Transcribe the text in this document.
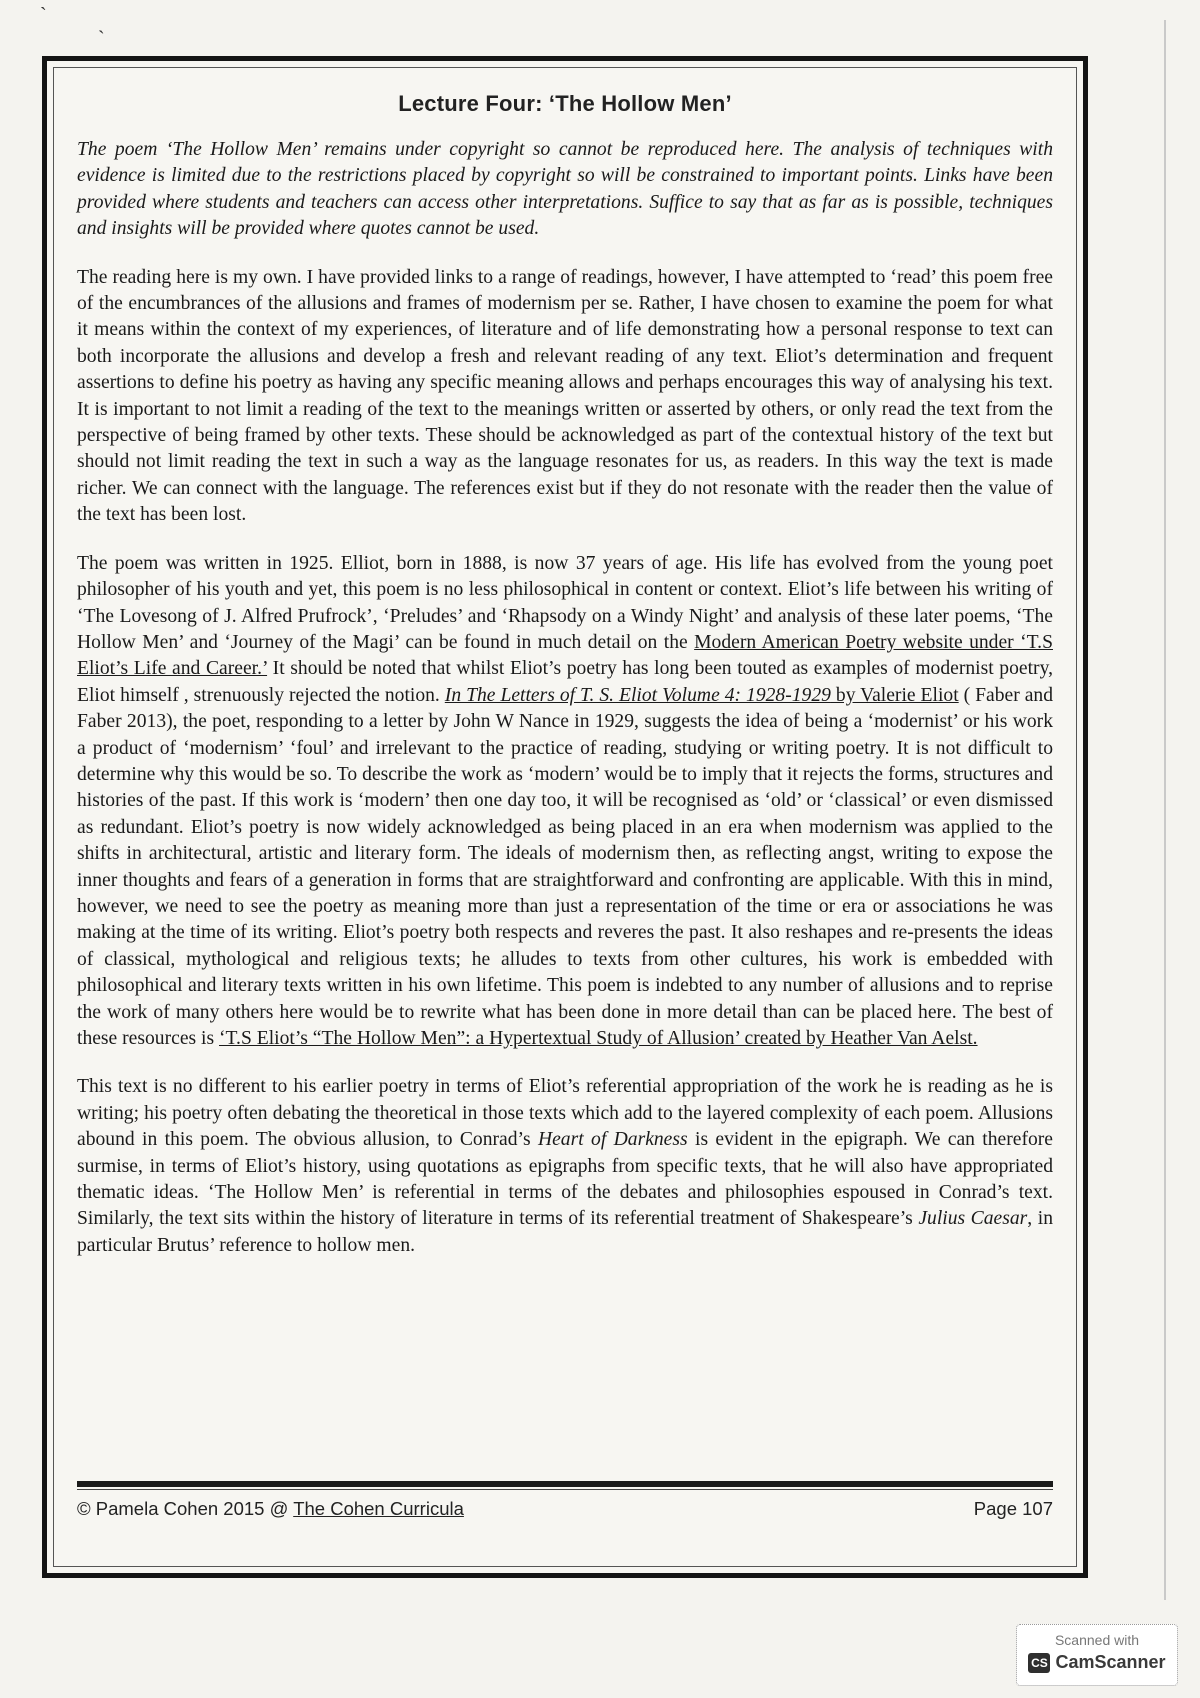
ˋ	ˏ
Lecture Four: ‘The Hollow Men’

The poem ‘The Hollow Men’ remains under copyright so cannot be reproduced here. The analysis of techniques with evidence is limited due to the restrictions placed by copyright so will be constrained to important points. Links have been provided where students and teachers can access other interpretations. Suffice to say that as far as is possible, techniques and insights will be provided where quotes cannot be used.

The reading here is my own. I have provided links to a range of readings, however, I have attempted to ‘read’ this poem free of the encumbrances of the allusions and frames of modernism per se. Rather, I have chosen to examine the poem for what it means within the context of my experiences, of literature and of life demonstrating how a personal response to text can both incorporate the allusions and develop a fresh and relevant reading of any text. Eliot’s determination and frequent assertions to define his poetry as having any specific meaning allows and perhaps encourages this way of analysing his text. It is important to not limit a reading of the text to the meanings written or asserted by others, or only read the text from the perspective of being framed by other texts. These should be acknowledged as part of the contextual history of the text but should not limit reading the text in such a way as the language resonates for us, as readers. In this way the text is made richer. We can connect with the language. The references exist but if they do not resonate with the reader then the value of the text has been lost.

The poem was written in 1925. Elliot, born in 1888, is now 37 years of age. His life has evolved from the young poet philosopher of his youth and yet, this poem is no less philosophical in content or context. Eliot’s life between his writing of ‘The Lovesong of J. Alfred Prufrock’, ‘Preludes’ and ‘Rhapsody on a Windy Night’ and analysis of these later poems, ‘The Hollow Men’ and ‘Journey of the Magi’ can be found in much detail on the Modern American Poetry website under ‘T.S Eliot’s Life and Career.’ It should be noted that whilst Eliot’s poetry has long been touted as examples of modernist poetry, Eliot himself , strenuously rejected the notion. In The Letters of T. S. Eliot Volume 4: 1928-1929 by Valerie Eliot ( Faber and Faber 2013), the poet, responding to a letter by John W Nance in 1929, suggests the idea of being a ‘modernist’ or his work a product of ‘modernism’ ‘foul’ and irrelevant to the practice of reading, studying or writing poetry. It is not difficult to determine why this would be so. To describe the work as ‘modern’ would be to imply that it rejects the forms, structures and histories of the past. If this work is ‘modern’ then one day too, it will be recognised as ‘old’ or ‘classical’ or even dismissed as redundant. Eliot’s poetry is now widely acknowledged as being placed in an era when modernism was applied to the shifts in architectural, artistic and literary form. The ideals of modernism then, as reflecting angst, writing to expose the inner thoughts and fears of a generation in forms that are straightforward and confronting are applicable. With this in mind, however, we need to see the poetry as meaning more than just a representation of the time or era or associations he was making at the time of its writing. Eliot’s poetry both respects and reveres the past. It also reshapes and re-presents the ideas of classical, mythological and religious texts; he alludes to texts from other cultures, his work is embedded with philosophical and literary texts written in his own lifetime. This poem is indebted to any number of allusions and to reprise the work of many others here would be to rewrite what has been done in more detail than can be placed here. The best of these resources is ‘T.S Eliot’s “The Hollow Men”: a Hypertextual Study of Allusion’ created by Heather Van Aelst.

This text is no different to his earlier poetry in terms of Eliot’s referential appropriation of the work he is reading as he is writing; his poetry often debating the theoretical in those texts which add to the layered complexity of each poem. Allusions abound in this poem. The obvious allusion, to Conrad’s Heart of Darkness is evident in the epigraph. We can therefore surmise, in terms of Eliot’s history, using quotations as epigraphs from specific texts, that he will also have appropriated thematic ideas. ‘The Hollow Men’ is referential in terms of the debates and philosophies espoused in Conrad’s text. Similarly, the text sits within the history of literature in terms of its referential treatment of Shakespeare’s Julius Caesar, in particular Brutus’ reference to hollow men.

© Pamela Cohen 2015 @ The Cohen Curricula	Page 107
Scanned with
CS CamScanner
